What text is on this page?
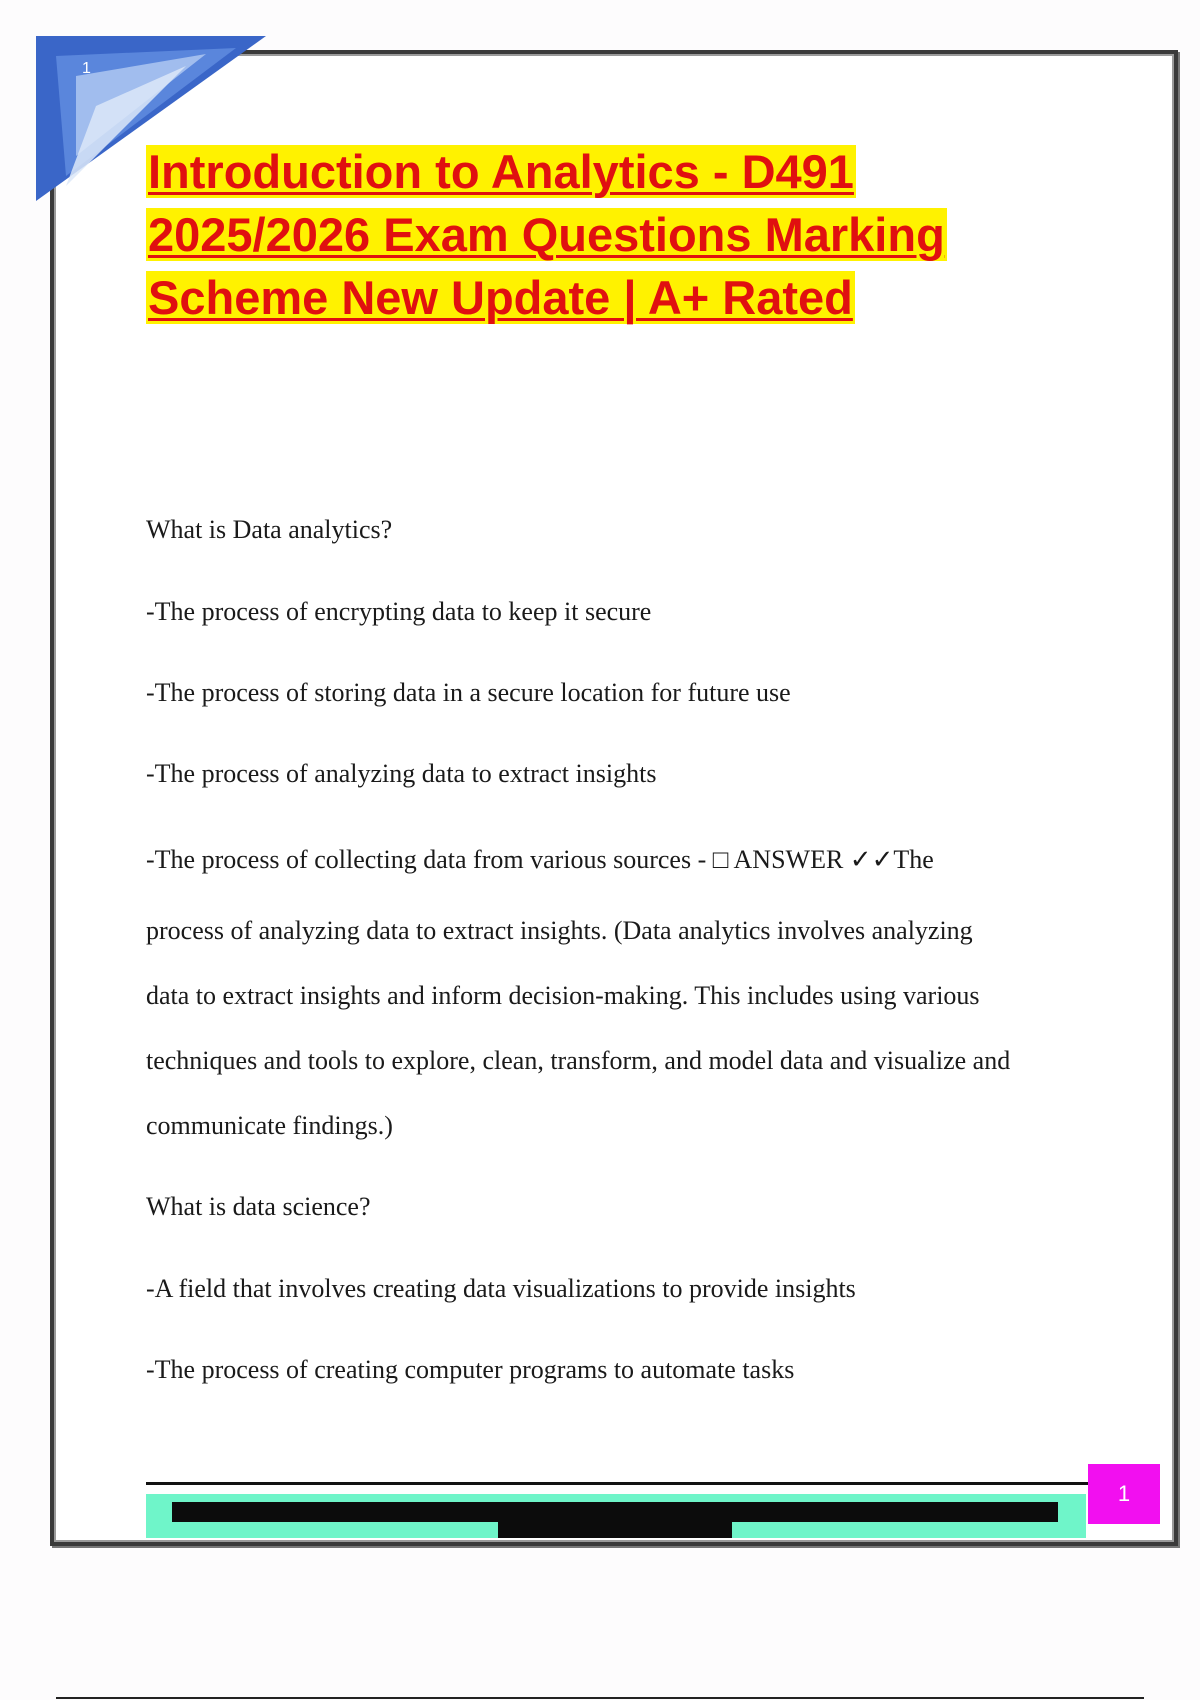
1
Introduction to Analytics - D491
2025/2026 Exam Questions Marking
Scheme New Update | A+ Rated

What is Data analytics?

-The process of encrypting data to keep it secure

-The process of storing data in a secure location for future use

-The process of analyzing data to extract insights

-The process of collecting data from various sources - □ ANSWER ✓✓The

process of analyzing data to extract insights. (Data analytics involves analyzing

data to extract insights and inform decision-making. This includes using various

techniques and tools to explore, clean, transform, and model data and visualize and

communicate findings.)

What is data science?

-A field that involves creating data visualizations to provide insights

-The process of creating computer programs to automate tasks

1
